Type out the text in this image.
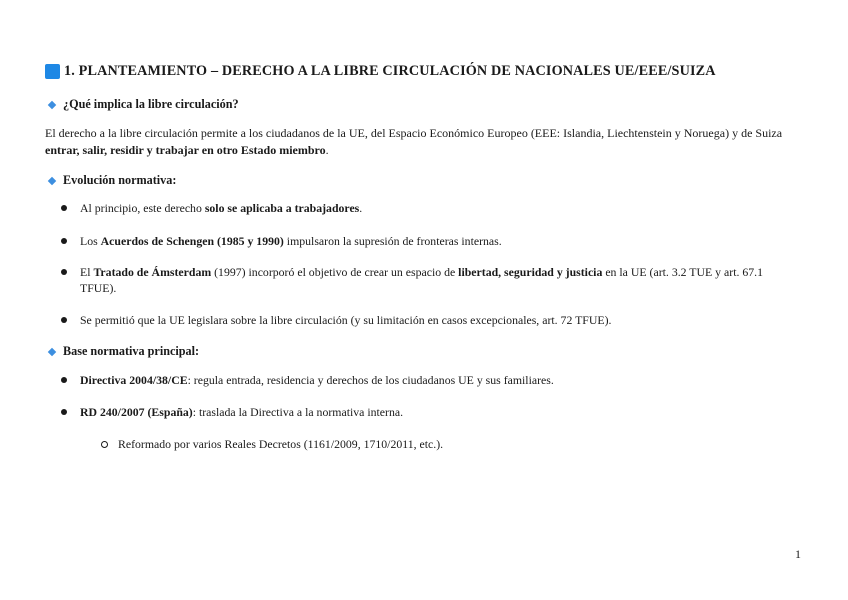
1. PLANTEAMIENTO – DERECHO A LA LIBRE CIRCULACIÓN DE NACIONALES UE/EEE/SUIZA
¿Qué implica la libre circulación?
El derecho a la libre circulación permite a los ciudadanos de la UE, del Espacio Económico Europeo (EEE: Islandia, Liechtenstein y Noruega) y de Suiza
entrar, salir, residir y trabajar en otro Estado miembro.
Evolución normativa:
Al principio, este derecho solo se aplicaba a trabajadores.
Los Acuerdos de Schengen (1985 y 1990) impulsaron la supresión de fronteras internas.
El Tratado de Ámsterdam (1997) incorporó el objetivo de crear un espacio de libertad, seguridad y justicia en la UE (art. 3.2 TUE y art. 67.1 TFUE).
Se permitió que la UE legislara sobre la libre circulación (y su limitación en casos excepcionales, art. 72 TFUE).
Base normativa principal:
Directiva 2004/38/CE: regula entrada, residencia y derechos de los ciudadanos UE y sus familiares.
RD 240/2007 (España): traslada la Directiva a la normativa interna.
Reformado por varios Reales Decretos (1161/2009, 1710/2011, etc.).
1
